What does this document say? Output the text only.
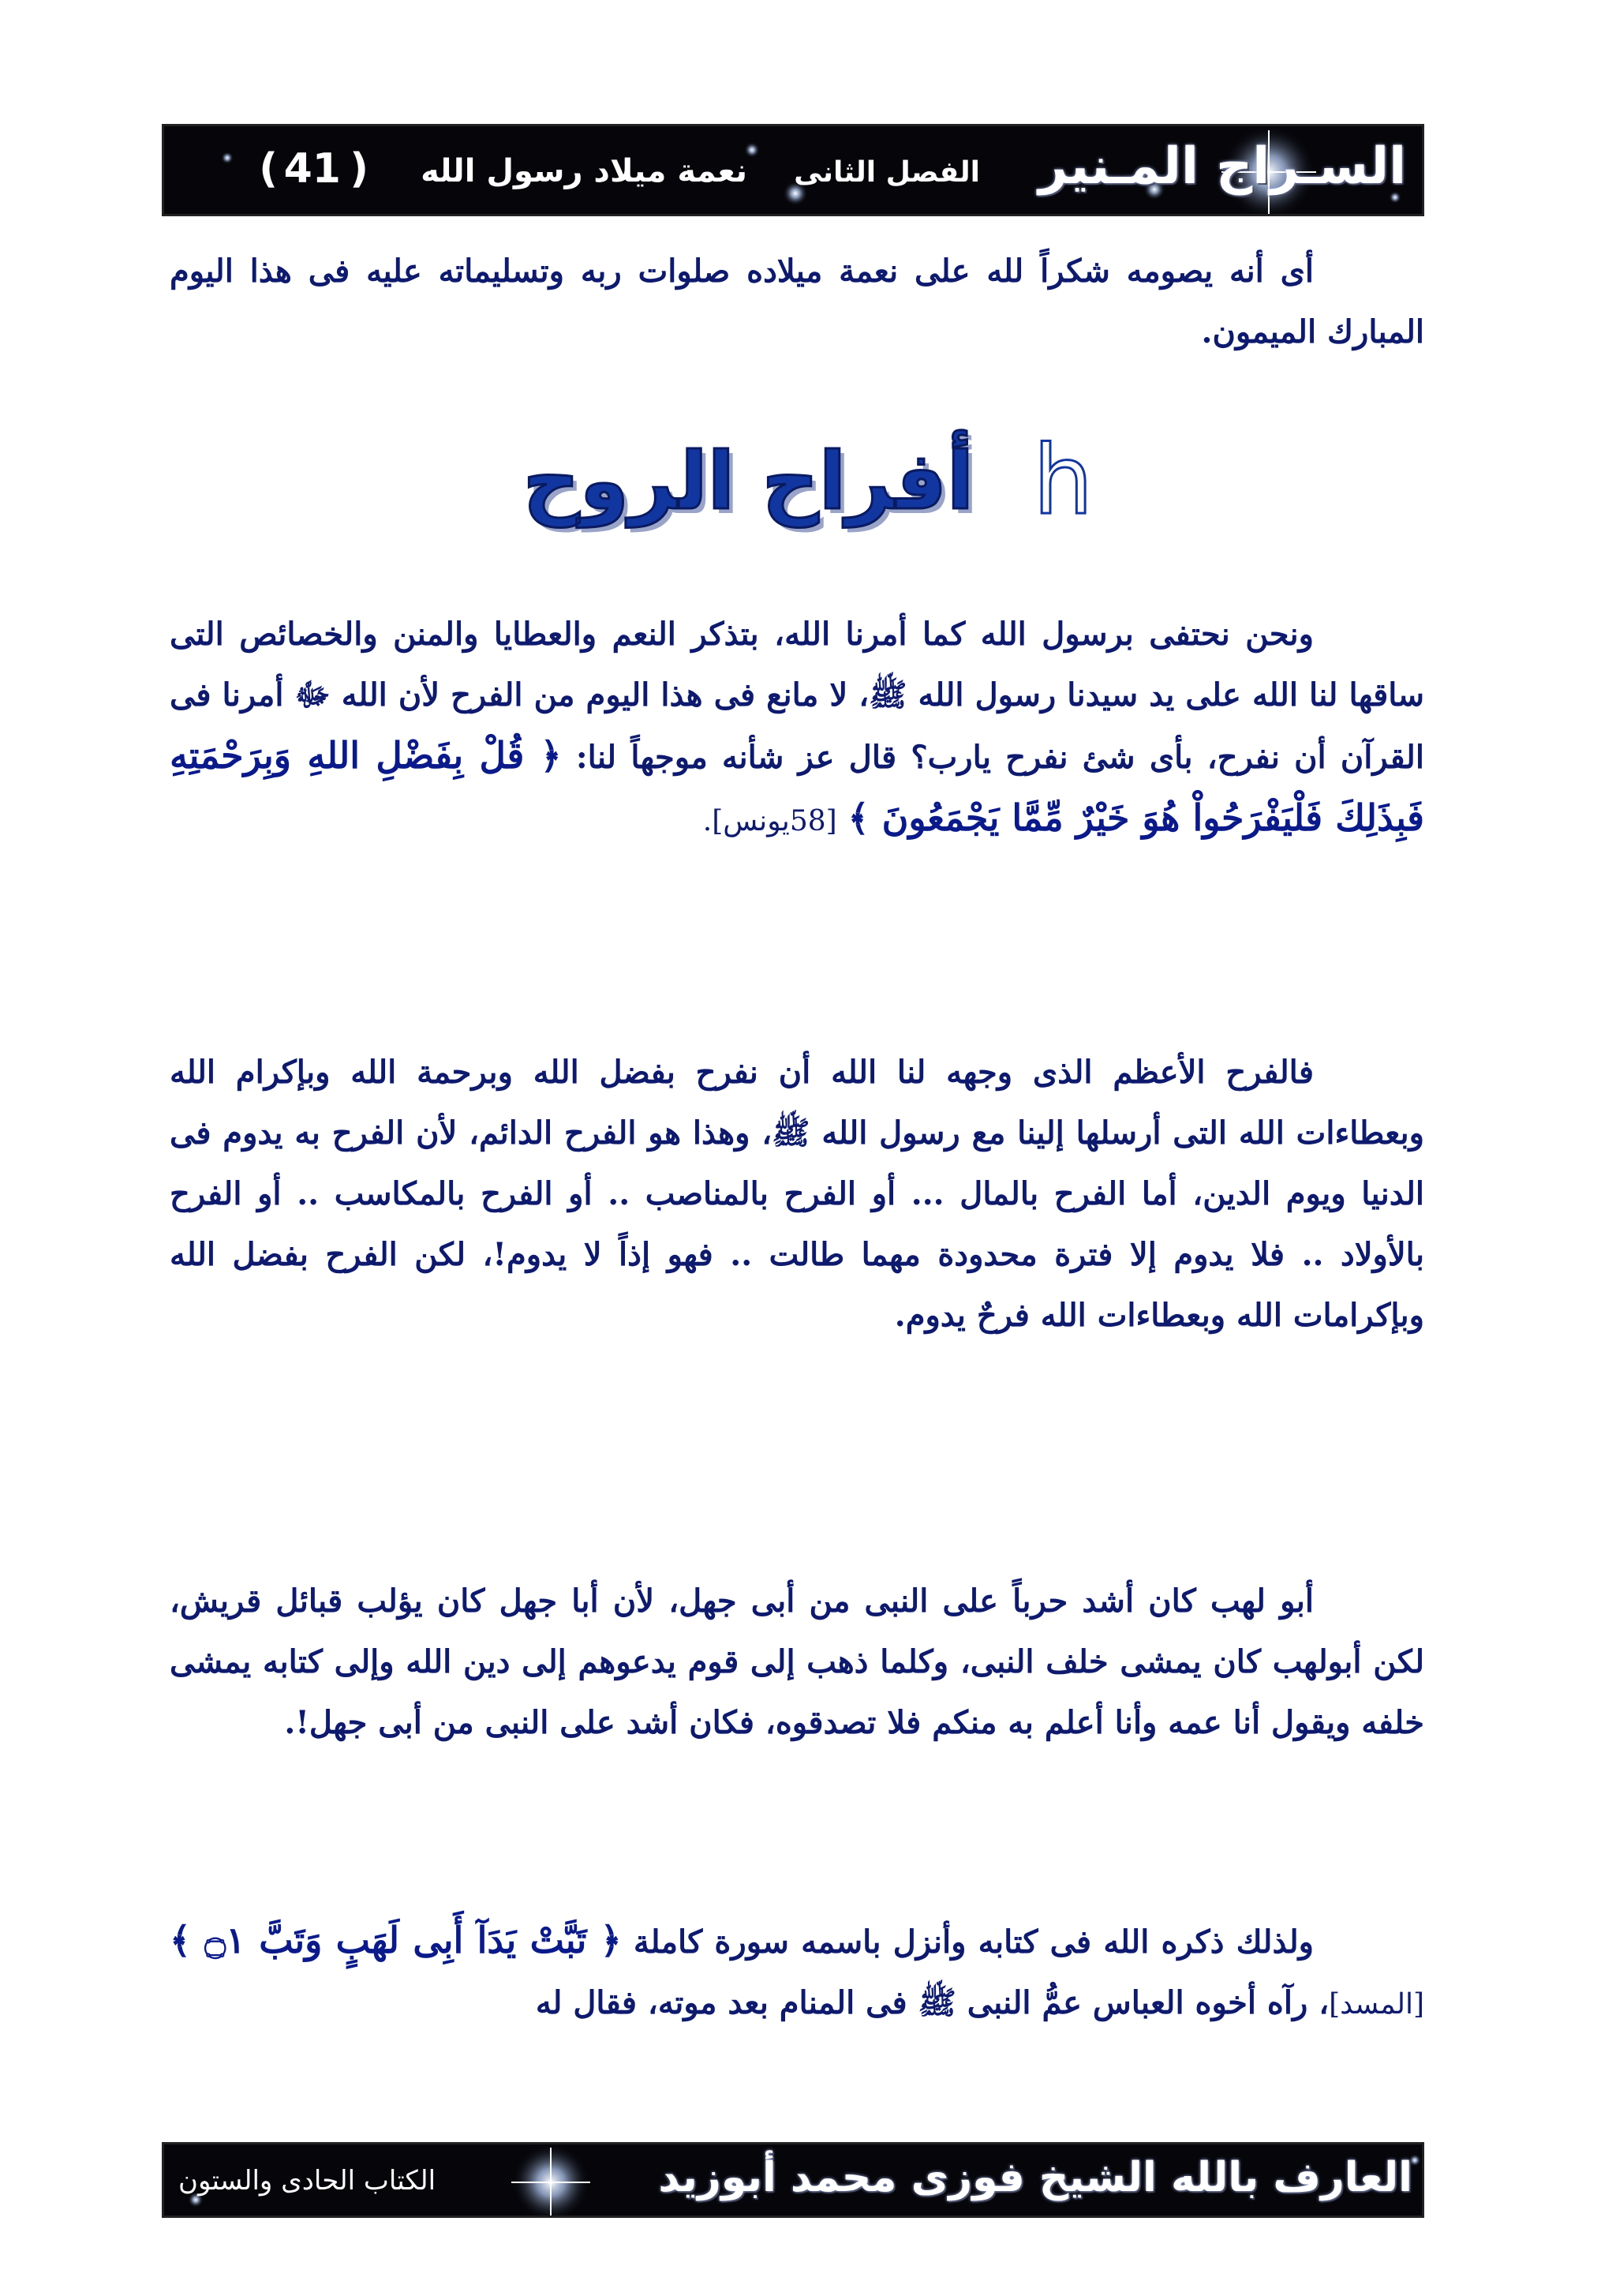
السـراج المـنير
الفصل الثانى
نعمة ميلاد رسول الله
)
41
(

أى أنه يصومه شكراً لله على نعمة ميلاده صلوات ربه وتسليماته عليه فى هذا اليوم المبارك الميمون.

أفراح الروح h

ونحن نحتفى برسول الله كما أمرنا الله، بتذكر النعم والعطايا والمنن والخصائص التى ساقها لنا الله على يد سيدنا رسول الله ﷺ، لا مانع فى هذا اليوم من الفرح لأن الله ﷻ أمرنا فى القرآن أن نفرح، بأى شئ نفرح يارب؟ قال عز شأنه موجهاً لنا: ﴿ قُلْ بِفَضْلِ اللهِ وَبِرَحْمَتِهِ فَبِذَلِكَ فَلْيَفْرَحُواْ هُوَ خَيْرٌ مِّمَّا يَجْمَعُونَ ﴾ [58يونس].

فالفرح الأعظم الذى وجهه لنا الله أن نفرح بفضل الله وبرحمة الله وبإكرام الله وبعطاءات الله التى أرسلها إلينا مع رسول الله ﷺ، وهذا هو الفرح الدائم، لأن الفرح به يدوم فى الدنيا ويوم الدين، أما الفرح بالمال ... أو الفرح بالمناصب .. أو الفرح بالمكاسب .. أو الفرح بالأولاد .. فلا يدوم إلا فترة محدودة مهما طالت .. فهو إذاً لا يدوم!، لكن الفرح بفضل الله وبإكرامات الله وبعطاءات الله فرحٌ يدوم.

أبو لهب كان أشد حرباً على النبى من أبى جهل، لأن أبا جهل كان يؤلب قبائل قريش، لكن أبولهب كان يمشى خلف النبى، وكلما ذهب إلى قوم يدعوهم إلى دين الله وإلى كتابه يمشى خلفه ويقول أنا عمه وأنا أعلم به منكم فلا تصدقوه، فكان أشد على النبى من أبى جهل!.

ولذلك ذكره الله فى كتابه وأنزل باسمه سورة كاملة ﴿ تَبَّتْ يَدَآ أَبِى لَهَبٍ وَتَبَّ ۝١ ﴾ [المسد]، رآه أخوه العباس عمُّ النبى ﷺ فى المنام بعد موته، فقال له

العارف بالله الشيخ فوزى محمد أبوزيد
الكتاب الحادى والستون
